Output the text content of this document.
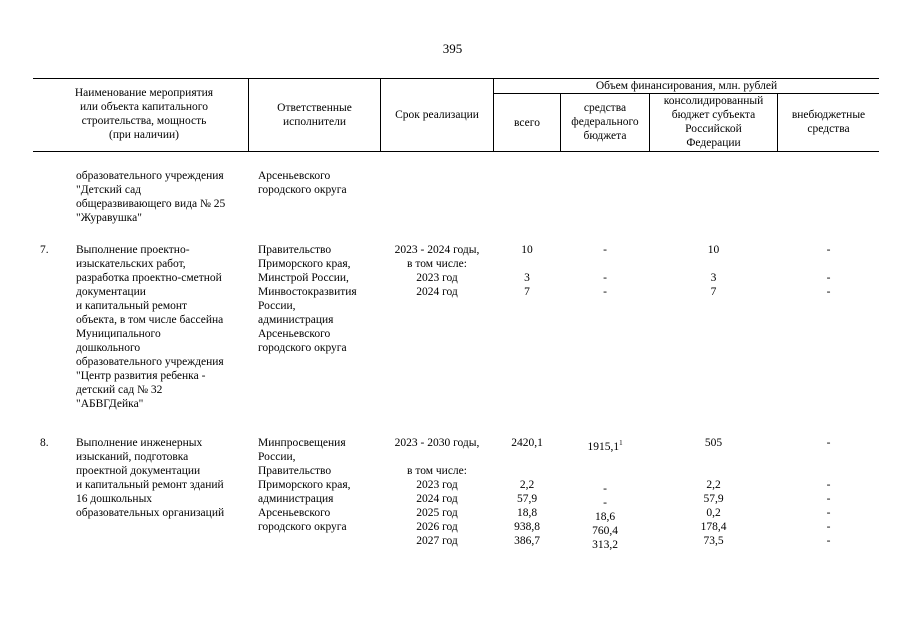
395
Наименование мероприятия
или объекта капитального
строительства, мощность
(при наличии)
Ответственные
исполнители
Срок реализации
Объем финансирования, млн. рублей
всего
средства
федерального
бюджета
консолидированный
бюджет субъекта
Российской
Федерации
внебюджетные
средства
образовательного учреждения
"Детский сад
общеразвивающего вида № 25
"Журавушка"
Арсеньевского
городского округа
7. Выполнение проектно-
изыскательских работ,
разработка проектно-сметной
документации
и капитальный ремонт
объекта, в том числе бассейна
Муниципального
дошкольного
образовательного учреждения
"Центр развития ребенка -
детский сад № 32
"АБВГДейка"
Правительство
Приморского края,
Минстрой России,
Минвостокразвития
России,
администрация
Арсеньевского
городского округа
2023 - 2024 годы,
в том числе:
2023 год
2024 год
10

3
7
-

-
-
10

3
7
-

-
-
8. Выполнение инженерных
изысканий, подготовка
проектной документации
и капитальный ремонт зданий
16 дошкольных
образовательных организаций
Минпросвещения
России,
Правительство
Приморского края,
администрация
Арсеньевского
городского округа
2023 - 2030 годы,

в том числе:
2023 год
2024 год
2025 год
2026 год
2027 год
2420,1

2,2
57,9
18,8
938,8
386,7
1915,1$^1$

-
-
18,6
760,4
313,2
505

2,2
57,9
0,2
178,4
73,5
-

-
-
-
-
-
